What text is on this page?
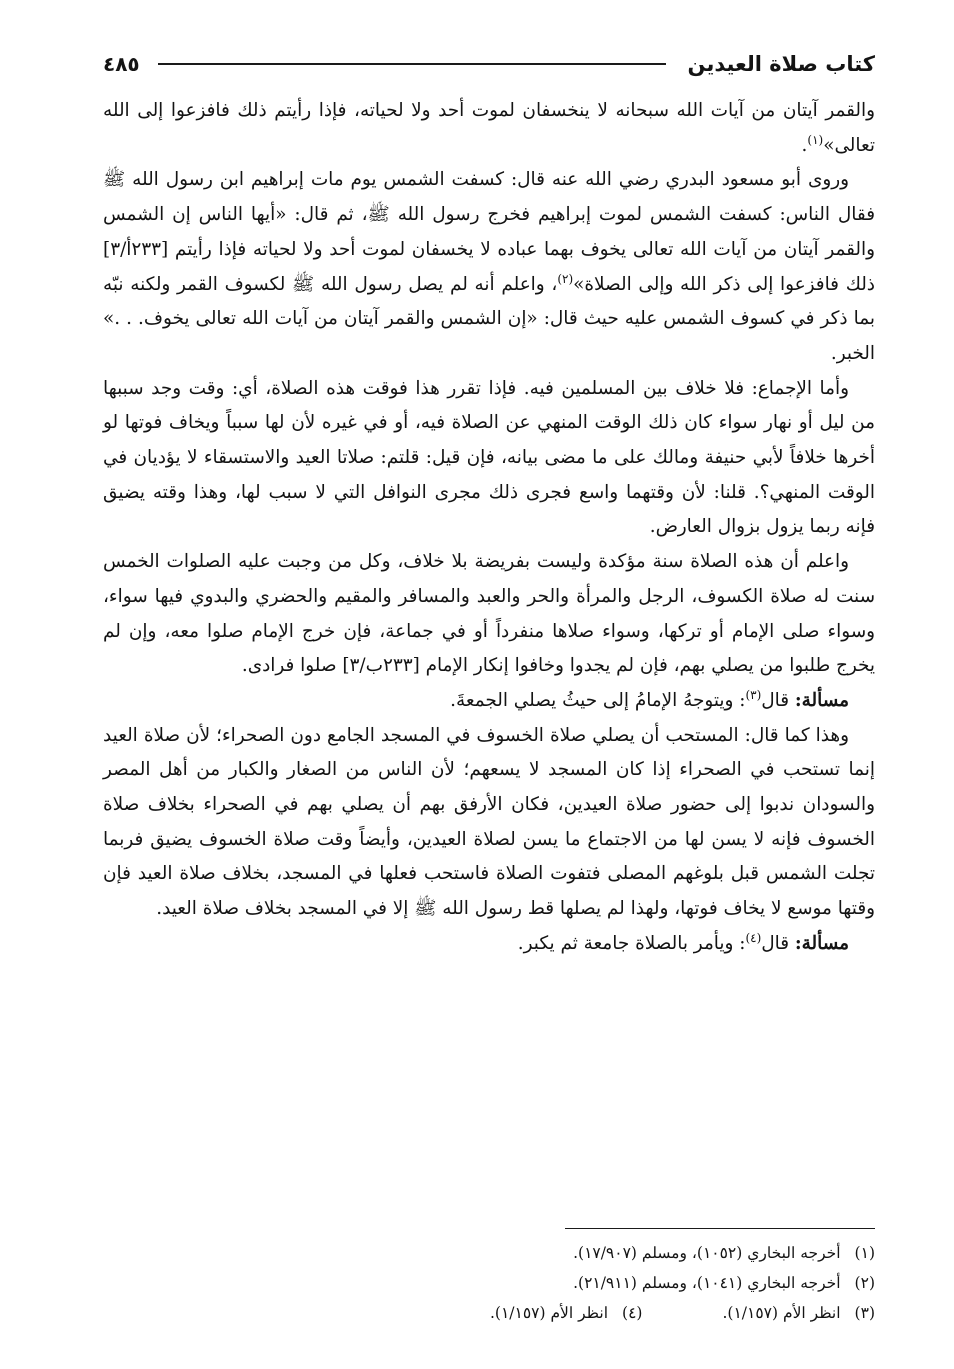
كتاب صلاة العيدين
٤٨٥

والقمر آيتان من آيات الله سبحانه لا ينخسفان لموت أحد ولا لحياته، فإذا رأيتم ذلك فافزعوا إلى الله تعالى»$^{(١)}$.

وروى أبو مسعود البدري رضي الله عنه قال: كسفت الشمس يوم مات إبراهيم ابن رسول الله ﷺ فقال الناس: كسفت الشمس لموت إبراهيم فخرج رسول الله ﷺ، ثم قال: «أيها الناس إن الشمس والقمر آيتان من آيات الله تعالى يخوف بهما عباده لا يخسفان لموت أحد ولا لحياته فإذا رأيتم [٢٣٣أ/٣] ذلك فافزعوا إلى ذكر الله وإلى الصلاة»$^{(٢)}$، واعلم أنه لم يصل رسول الله ﷺ لكسوف القمر ولكنه نبّه بما ذكر في كسوف الشمس عليه حيث قال: «إن الشمس والقمر آيتان من آيات الله تعالى يخوف. . .» الخبر.

وأما الإجماع: فلا خلاف بين المسلمين فيه. فإذا تقرر هذا فوقت هذه الصلاة، أي: وقت وجد سببها من ليل أو نهار سواء كان ذلك الوقت المنهي عن الصلاة فيه، أو في غيره لأن لها سبباً ويخاف فوتها لو أخرها خلافاً لأبي حنيفة ومالك على ما مضى بيانه، فإن قيل: قلتم: صلاتا العيد والاستسقاء لا يؤديان في الوقت المنهي؟. قلنا: لأن وقتهما واسع فجرى ذلك مجرى النوافل التي لا سبب لها، وهذا وقته يضيق فإنه ربما يزول بزوال العارض.

واعلم أن هذه الصلاة سنة مؤكدة وليست بفريضة بلا خلاف، وكل من وجبت عليه الصلوات الخمس سنت له صلاة الكسوف، الرجل والمرأة والحر والعبد والمسافر والمقيم والحضري والبدوي فيها سواء، وسواء صلى الإمام أو تركها، وسواء صلاها منفرداً أو في جماعة، فإن خرج الإمام صلوا معه، وإن لم يخرج طلبوا من يصلي بهم، فإن لم يجدوا وخافوا إنكار الإمام [٢٣٣ب/٣] صلوا فرادى.

مسألة: قال$^{(٣)}$: ويتوجهُ الإمامُ إلى حيثُ يصلي الجمعةَ.

وهذا كما قال: المستحب أن يصلي صلاة الخسوف في المسجد الجامع دون الصحراء؛ لأن صلاة العيد إنما تستحب في الصحراء إذا كان المسجد لا يسعهم؛ لأن الناس من الصغار والكبار من أهل المصر والسودان ندبوا إلى حضور صلاة العيدين، فكان الأرفق بهم أن يصلي بهم في الصحراء بخلاف صلاة الخسوف فإنه لا يسن لها من الاجتماع ما يسن لصلاة العيدين، وأيضاً وقت صلاة الخسوف يضيق فربما تجلت الشمس قبل بلوغهم المصلى فتفوت الصلاة فاستحب فعلها في المسجد، بخلاف صلاة العيد فإن وقتها موسع لا يخاف فوتها، ولهذا لم يصلها قط رسول الله ﷺ إلا في المسجد بخلاف صلاة العيد.

مسألة: قال$^{(٤)}$: ويأمر بالصلاة جامعة ثم يكبر.

(١)أخرجه البخاري (١٠٥٢)، ومسلم (١٧/٩٠٧).
(٢)أخرجه البخاري (١٠٤١)، ومسلم (٢١/٩١١).
(٣)انظر الأم (١/١٥٧).
(٤)انظر الأم (١/١٥٧).
